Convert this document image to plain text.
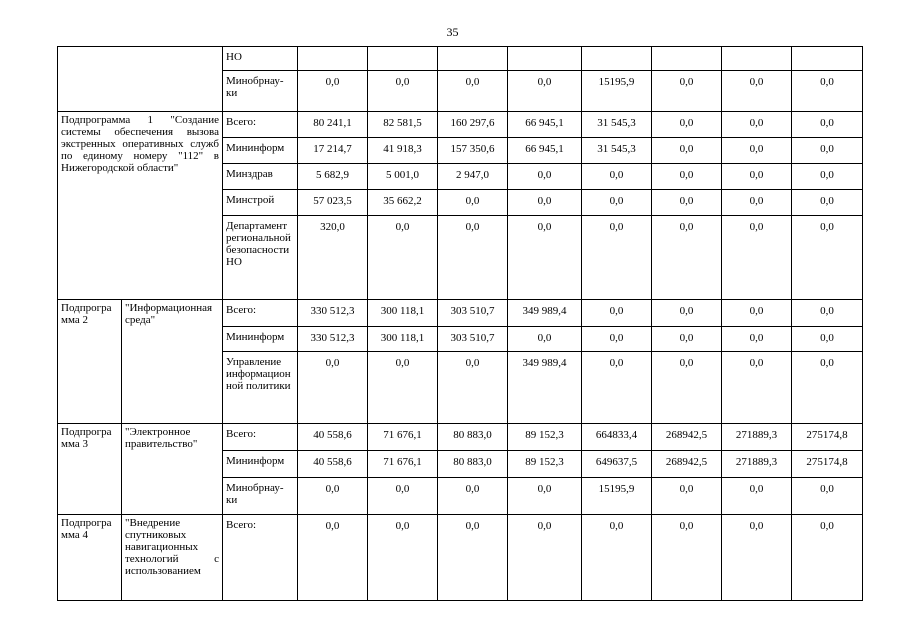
35
		НО								
		Минобрнау-
ки	0,0	0,0	0,0	0,0	15195,9	0,0	0,0	0,0
Подпрограмма 1 "Создание системы обеспечения вызова экстренных оперативных служб по единому номеру "112" в Нижегородской области"		Всего:	80 241,1	82 581,5	160 297,6	66 945,1	31 545,3	0,0	0,0	0,0
		Мининформ	17 214,7	41 918,3	157 350,6	66 945,1	31 545,3	0,0	0,0	0,0
		Минздрав	5 682,9	5 001,0	2 947,0	0,0	0,0	0,0	0,0	0,0
		Минстрой	57 023,5	35 662,2	0,0	0,0	0,0	0,0	0,0	0,0
		Департамент региональной безопасности НО	320,0	0,0	0,0	0,0	0,0	0,0	0,0	0,0
Подпрограмма 2	"Информационная среда"	Всего:	330 512,3	300 118,1	303 510,7	349 989,4	0,0	0,0	0,0	0,0
		Мининформ	330 512,3	300 118,1	303 510,7	0,0	0,0	0,0	0,0	0,0
		Управление информационной политики	0,0	0,0	0,0	349 989,4	0,0	0,0	0,0	0,0
Подпрограмма 3	"Электронное правительство"	Всего:	40 558,6	71 676,1	80 883,0	89 152,3	664833,4	268942,5	271889,3	275174,8
		Мининформ	40 558,6	71 676,1	80 883,0	89 152,3	649637,5	268942,5	271889,3	275174,8
		Минобрнау-
ки	0,0	0,0	0,0	0,0	15195,9	0,0	0,0	0,0
Подпрограмма 4	"Внедрение спутниковых навигационных технологий с использованием	Всего:	0,0	0,0	0,0	0,0	0,0	0,0	0,0	0,0
